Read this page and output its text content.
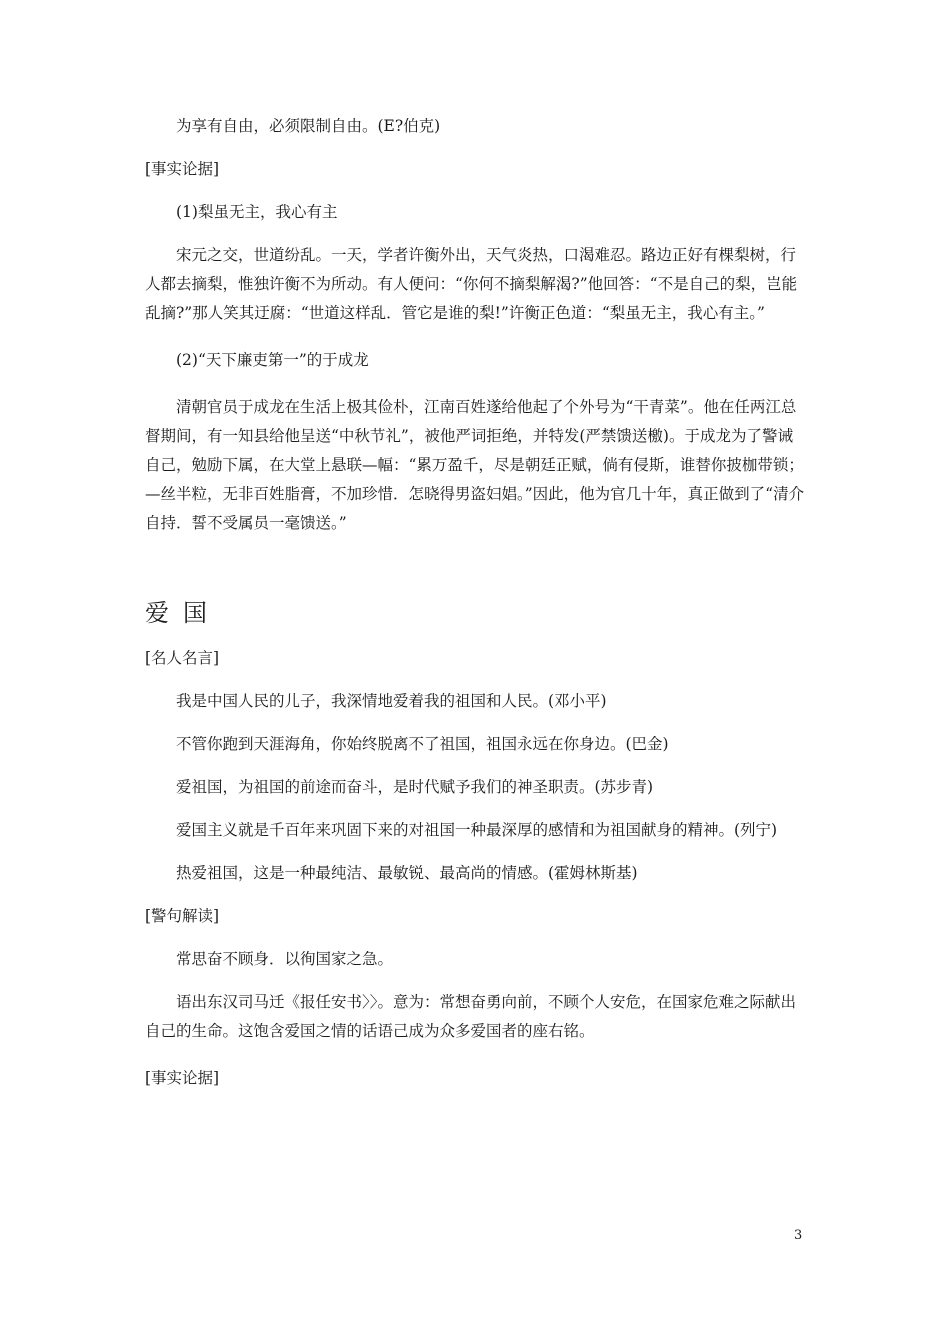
为享有自由，必须限制自由。(E?伯克)

[事实论据]

(1)梨虽无主，我心有主

宋元之交，世道纷乱。一天，学者许衡外出，天气炎热，口渴难忍。路边正好有棵梨树，行人都去摘梨，惟独许衡不为所动。有人便问：“你何不摘梨解渴?”他回答：“不是自己的梨，岂能乱摘?”那人笑其迂腐：“世道这样乱．管它是谁的梨!”许衡正色道：“梨虽无主，我心有主。”

(2)“天下廉吏第一”的于成龙

清朝官员于成龙在生活上极其俭朴，江南百姓遂给他起了个外号为“干青菜”。他在任两江总督期间，有一知县给他呈送“中秋节礼”，被他严词拒绝，并特发(严禁馈送檄)。于成龙为了警诫自己，勉励下属，在大堂上悬联—幅：“累万盈千，尽是朝廷正赋，倘有侵斯，谁替你披枷带锁；—丝半粒，无非百姓脂膏，不加珍惜．怎晓得男盗妇娼。”因此，他为官几十年，真正做到了“清介自持．誓不受属员一毫馈送。”

爱国

[名人名言]

我是中国人民的儿子，我深情地爱着我的祖国和人民。(邓小平)

不管你跑到天涯海角，你始终脱离不了祖国，祖国永远在你身边。(巴金)

爱祖国，为祖国的前途而奋斗，是时代赋予我们的神圣职责。(苏步青)

爱国主义就是千百年来巩固下来的对祖国一种最深厚的感情和为祖国献身的精神。(列宁)

热爱祖国，这是一种最纯洁、最敏锐、最高尚的情感。(霍姆林斯基)

[警句解读]

常思奋不顾身．以徇国家之急。

语出东汉司马迁《报任安书〉〉。意为：常想奋勇向前，不顾个人安危，在国家危难之际献出自己的生命。这饱含爱国之情的话语己成为众多爱国者的座右铭。

[事实论据]

3
